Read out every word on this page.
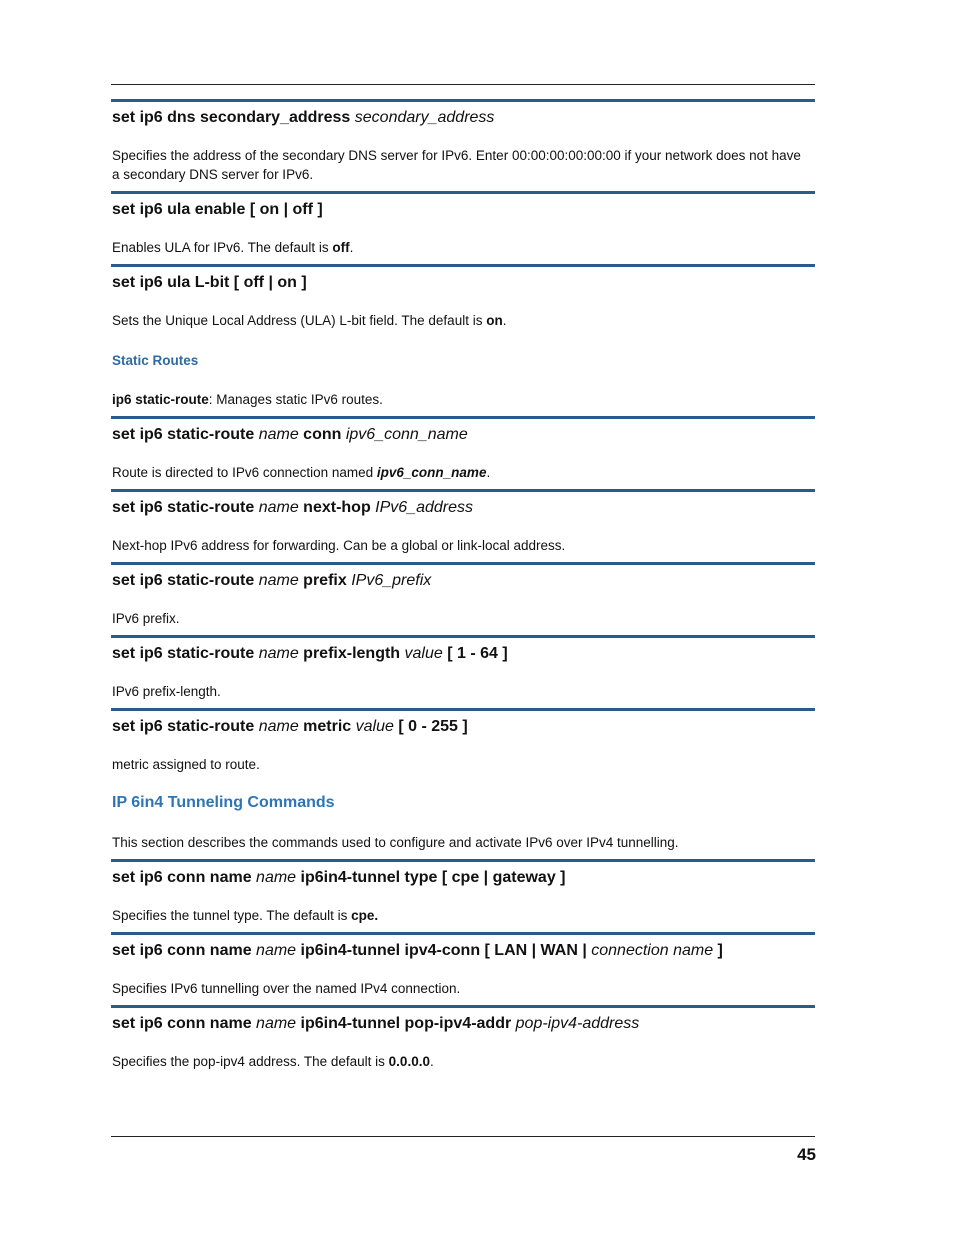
set ip6 dns secondary_address secondary_address
Specifies the address of the secondary DNS server for IPv6. Enter 00:00:00:00:00:00 if your network does not have a secondary DNS server for IPv6.
set ip6 ula enable [ on | off ]
Enables ULA for IPv6. The default is off.
set ip6 ula L-bit [ off | on ]
Sets the Unique Local Address (ULA) L-bit field. The default is on.
Static Routes
ip6 static-route: Manages static IPv6 routes.
set ip6 static-route name conn ipv6_conn_name
Route is directed to IPv6 connection named ipv6_conn_name.
set ip6 static-route name next-hop IPv6_address
Next-hop IPv6 address for forwarding. Can be a global or link-local address.
set ip6 static-route name prefix IPv6_prefix
IPv6 prefix.
set ip6 static-route name prefix-length value [ 1 - 64 ]
IPv6 prefix-length.
set ip6 static-route name metric value [ 0 - 255 ]
metric assigned to route.
IP 6in4 Tunneling Commands
This section describes the commands used to configure and activate IPv6 over IPv4 tunnelling.
set ip6 conn name name ip6in4-tunnel type [ cpe | gateway ]
Specifies the tunnel type. The default is cpe.
set ip6 conn name name ip6in4-tunnel ipv4-conn [ LAN | WAN | connection name ]
Specifies IPv6 tunnelling over the named IPv4 connection.
set ip6 conn name name ip6in4-tunnel pop-ipv4-addr pop-ipv4-address
Specifies the pop-ipv4 address. The default is 0.0.0.0.
45
